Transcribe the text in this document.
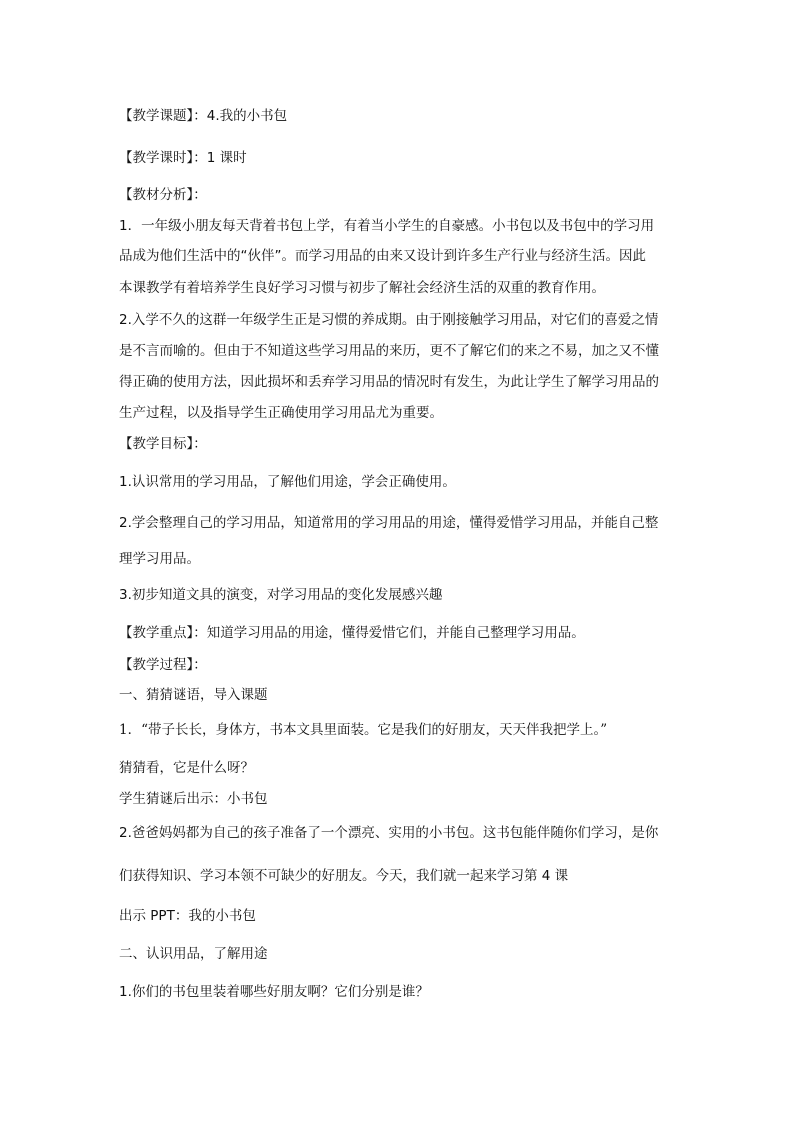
【教学课题】：4.我的小书包
【教学课时】：1 课时
【教材分析】：
1．一年级小朋友每天背着书包上学，有着当小学生的自豪感。小书包以及书包中的学习用
品成为他们生活中的“伙伴”。而学习用品的由来又设计到许多生产行业与经济生活。因此
本课教学有着培养学生良好学习习惯与初步了解社会经济生活的双重的教育作用。
2.入学不久的这群一年级学生正是习惯的养成期。由于刚接触学习用品，对它们的喜爱之情
是不言而喻的。但由于不知道这些学习用品的来历，更不了解它们的来之不易，加之又不懂
得正确的使用方法，因此损坏和丢弃学习用品的情况时有发生，为此让学生了解学习用品的
生产过程，以及指导学生正确使用学习用品尤为重要。
【教学目标】：
1.认识常用的学习用品，了解他们用途，学会正确使用。
2.学会整理自己的学习用品，知道常用的学习用品的用途，懂得爱惜学习用品，并能自己整
理学习用品。
3.初步知道文具的演变，对学习用品的变化发展感兴趣
【教学重点】：知道学习用品的用途，懂得爱惜它们，并能自己整理学习用品。
【教学过程】：
一、猜猜谜语，导入课题
1．“带子长长，身体方，书本文具里面装。它是我们的好朋友，天天伴我把学上。”
猜猜看，它是什么呀？
学生猜谜后出示：小书包
2.爸爸妈妈都为自己的孩子准备了一个漂亮、实用的小书包。这书包能伴随你们学习，是你
们获得知识、学习本领不可缺少的好朋友。今天，我们就一起来学习第 4 课
出示 PPT：我的小书包
二、认识用品，了解用途
1.你们的书包里装着哪些好朋友啊？它们分别是谁？
